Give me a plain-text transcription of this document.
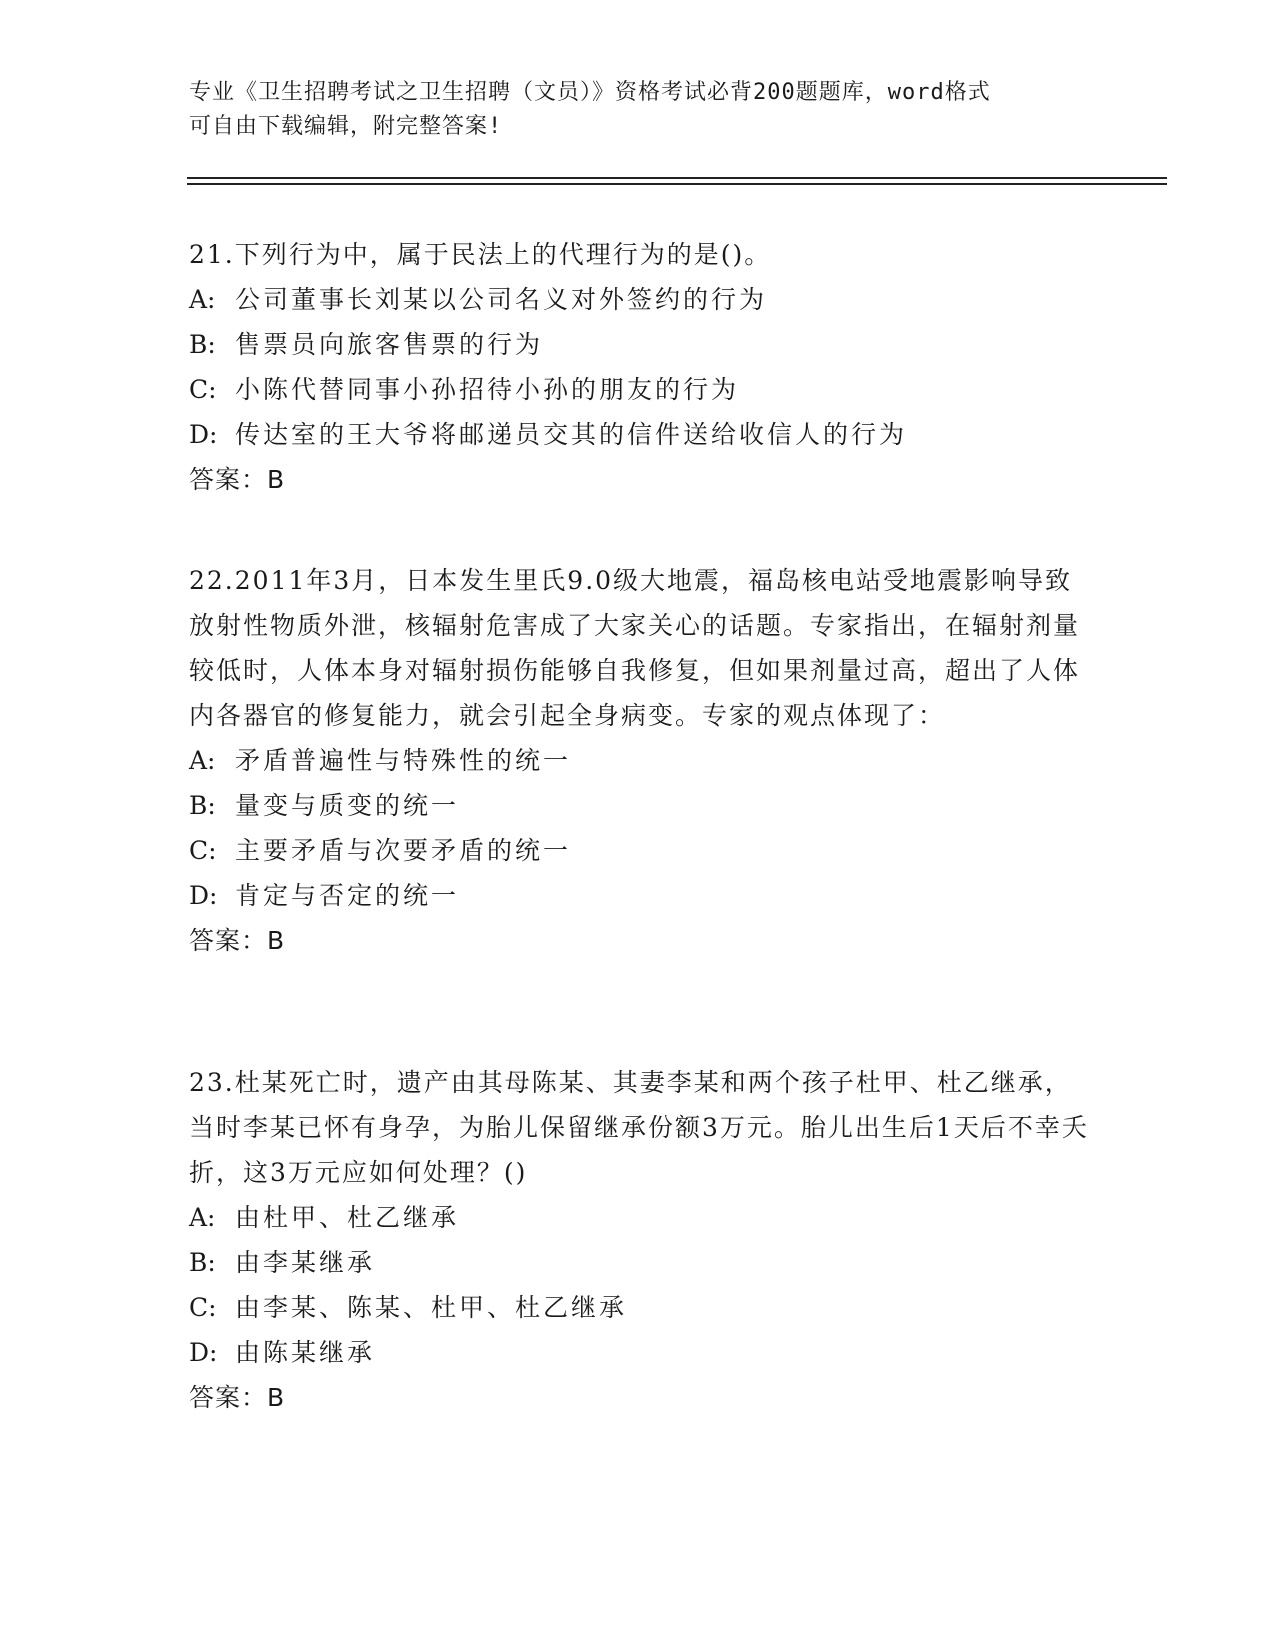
专业《卫生招聘考试之卫生招聘（文员）》资格考试必背200题题库，word格式
可自由下载编辑，附完整答案!

21.下列行为中，属于民法上的代理行为的是()。

A: 公司董事长刘某以公司名义对外签约的行为

B: 售票员向旅客售票的行为

C: 小陈代替同事小孙招待小孙的朋友的行为

D: 传达室的王大爷将邮递员交其的信件送给收信人的行为

答案：B

22.2011年3月，日本发生里氏9.0级大地震，福岛核电站受地震影响导致放射性物质外泄，核辐射危害成了大家关心的话题。专家指出，在辐射剂量较低时，人体本身对辐射损伤能够自我修复，但如果剂量过高，超出了人体内各器官的修复能力，就会引起全身病变。专家的观点体现了：

A: 矛盾普遍性与特殊性的统一

B: 量变与质变的统一

C: 主要矛盾与次要矛盾的统一

D: 肯定与否定的统一

答案：B

23.杜某死亡时，遗产由其母陈某、其妻李某和两个孩子杜甲、杜乙继承，当时李某已怀有身孕，为胎儿保留继承份额3万元。胎儿出生后1天后不幸夭折，这3万元应如何处理？()

A: 由杜甲、杜乙继承

B: 由李某继承

C: 由李某、陈某、杜甲、杜乙继承

D: 由陈某继承

答案：B
